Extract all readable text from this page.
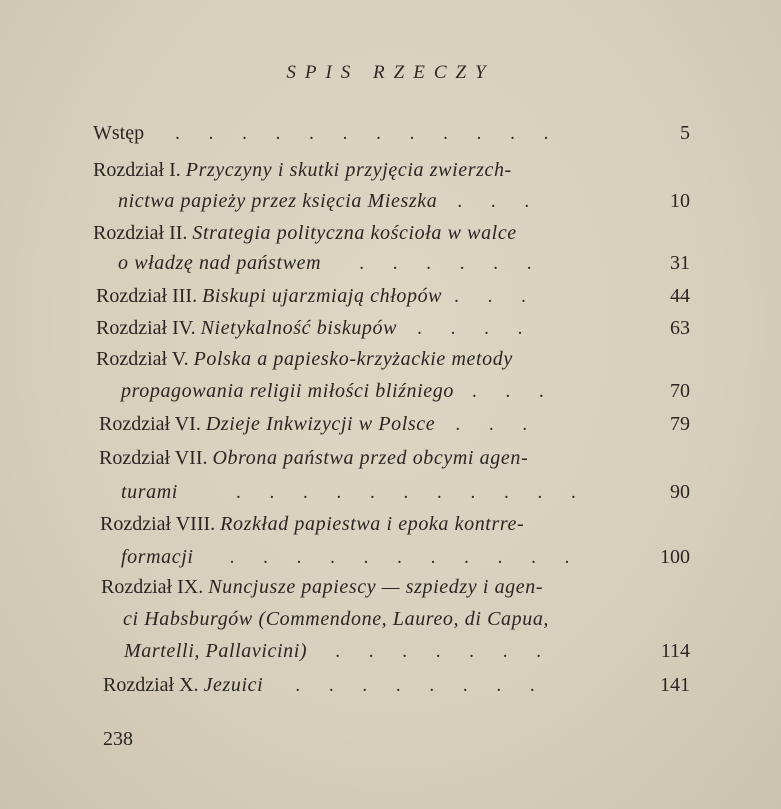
SPIS RZECZY
Wstęp . . . . . . . . . . . .	5
Rozdział I. Przyczyny i skutki przyjęcia zwierzch-
nictwa papieży przez księcia Mieszka . . .	10
Rozdział II. Strategia polityczna kościoła w walce
o władzę nad państwem . . . . . .	31
Rozdział III. Biskupi ujarzmiają chłopów . . .	44
Rozdział IV. Nietykalność biskupów . . . .	63
Rozdział V. Polska a papiesko-krzyżackie metody
propagowania religii miłości bliźniego . . .	70
Rozdział VI. Dzieje Inkwizycji w Polsce . . .	79
Rozdział VII. Obrona państwa przed obcymi agen-
turami	. . . . . . . . . . .	90
Rozdział VIII. Rozkład papiestwa i epoka kontrre-
formacji . . . . . . . . . . .	100
Rozdział IX. Nuncjusze papiescy — szpiedzy i agen-
ci Habsburgów (Commendone, Laureo, di Capua,
Martelli, Pallavicini) . . . . . . .	114
Rozdział X. Jezuici . . . . . . . .	141
238
